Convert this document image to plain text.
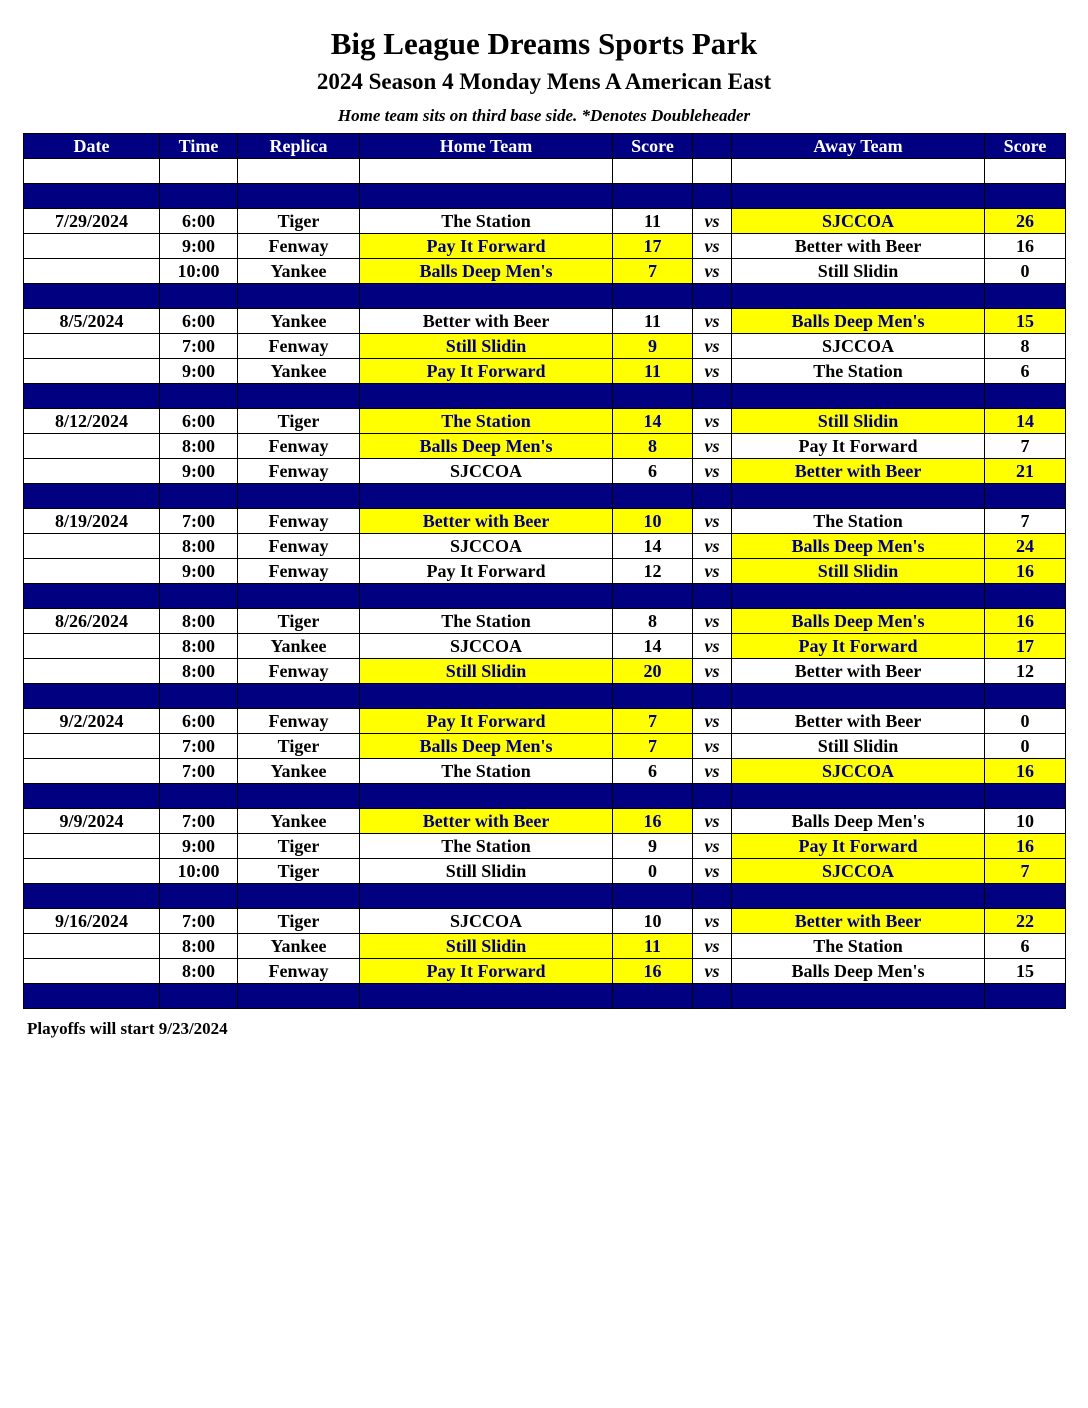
Big League Dreams Sports Park
2024 Season 4 Monday Mens A American East
Home team sits on third base side. *Denotes Doubleheader
Date	Time	Replica	Home Team	Score		Away Team	Score

7/29/2024	6:00	Tiger	The Station	11	vs	SJCCOA	26
	9:00	Fenway	Pay It Forward	17	vs	Better with Beer	16
	10:00	Yankee	Balls Deep Men's	7	vs	Still Slidin	0

8/5/2024	6:00	Yankee	Better with Beer	11	vs	Balls Deep Men's	15
	7:00	Fenway	Still Slidin	9	vs	SJCCOA	8
	9:00	Yankee	Pay It Forward	11	vs	The Station	6

8/12/2024	6:00	Tiger	The Station	14	vs	Still Slidin	14
	8:00	Fenway	Balls Deep Men's	8	vs	Pay It Forward	7
	9:00	Fenway	SJCCOA	6	vs	Better with Beer	21

8/19/2024	7:00	Fenway	Better with Beer	10	vs	The Station	7
	8:00	Fenway	SJCCOA	14	vs	Balls Deep Men's	24
	9:00	Fenway	Pay It Forward	12	vs	Still Slidin	16

8/26/2024	8:00	Tiger	The Station	8	vs	Balls Deep Men's	16
	8:00	Yankee	SJCCOA	14	vs	Pay It Forward	17
	8:00	Fenway	Still Slidin	20	vs	Better with Beer	12

9/2/2024	6:00	Fenway	Pay It Forward	7	vs	Better with Beer	0
	7:00	Tiger	Balls Deep Men's	7	vs	Still Slidin	0
	7:00	Yankee	The Station	6	vs	SJCCOA	16

9/9/2024	7:00	Yankee	Better with Beer	16	vs	Balls Deep Men's	10
	9:00	Tiger	The Station	9	vs	Pay It Forward	16
	10:00	Tiger	Still Slidin	0	vs	SJCCOA	7

9/16/2024	7:00	Tiger	SJCCOA	10	vs	Better with Beer	22
	8:00	Yankee	Still Slidin	11	vs	The Station	6
	8:00	Fenway	Pay It Forward	16	vs	Balls Deep Men's	15

Playoffs will start 9/23/2024
